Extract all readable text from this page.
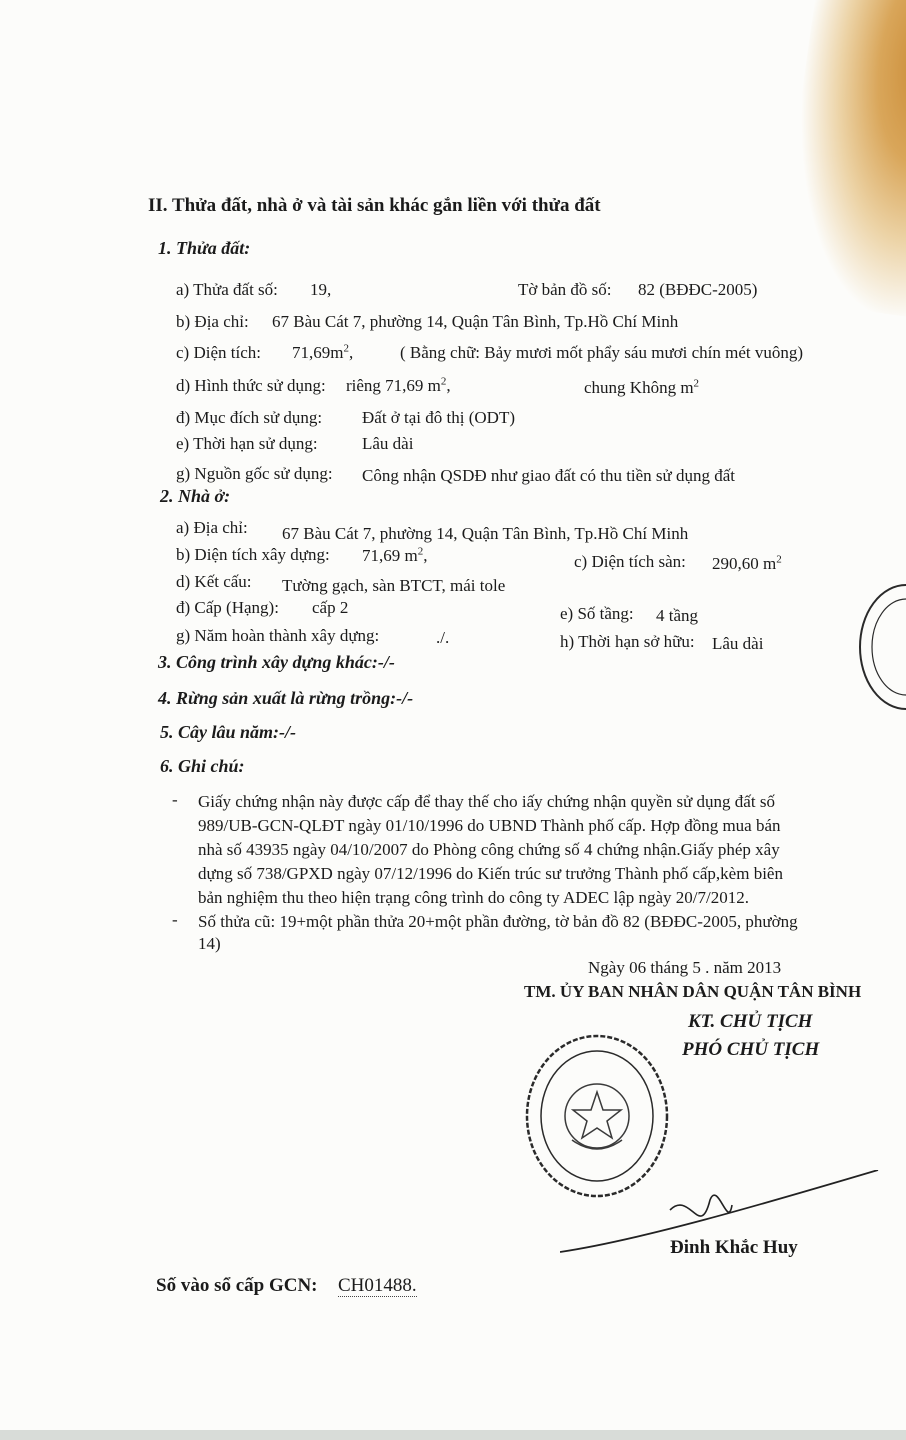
II. Thửa đất, nhà ở và tài sản khác gắn liền với thửa đất
1. Thửa đất:
a) Thửa đất số: 19,	Tờ bản đồ số: 82 (BĐĐC-2005)
b) Địa chỉ: 67 Bàu Cát 7, phường 14, Quận Tân Bình, Tp.Hồ Chí Minh
c) Diện tích: $71,69m^2$,	( Bằng chữ: Bảy mươi mốt phẩy sáu mươi chín mét vuông)
d) Hình thức sử dụng: riêng 71,69 $m^2$,	chung Không $m^2$
đ) Mục đích sử dụng: Đất ở tại đô thị (ODT)
e) Thời hạn sử dụng:	Lâu dài
g) Nguồn gốc sử dụng: Công nhận QSDĐ như giao đất có thu tiền sử dụng đất
2. Nhà ở:
a) Địa chỉ: 67 Bàu Cát 7, phường 14, Quận Tân Bình, Tp.Hồ Chí Minh
b) Diện tích xây dựng: 71,69 $m^2$,	c) Diện tích sàn: 290,60 $m^2$
d) Kết cấu: Tường gạch, sàn BTCT, mái tole
đ) Cấp (Hạng): cấp 2	e) Số tầng: 4 tầng
g) Năm hoàn thành xây dựng:	./.	h) Thời hạn sở hữu: Lâu dài
3. Công trình xây dựng khác:-/-
4. Rừng sản xuất là rừng trồng:-/-
5. Cây lâu năm:-/-
6. Ghi chú:
- Giấy chứng nhận này được cấp để thay thế cho iấy chứng nhận quyền sử dụng đất số
989/UB-GCN-QLĐT ngày 01/10/1996 do UBND Thành phố cấp. Hợp đồng mua bán
nhà số 43935 ngày 04/10/2007 do Phòng công chứng số 4 chứng nhận.Giấy phép xây
dựng số 738/GPXD ngày 07/12/1996 do Kiến trúc sư trưởng Thành phố cấp,kèm biên
bản nghiệm thu theo hiện trạng công trình do công ty ADEC lập ngày 20/7/2012.
- Số thửa cũ: 19+một phần thửa 20+một phần đường, tờ bản đồ 82 (BĐĐC-2005, phường
14)
Ngày 06 tháng 5 . năm 2013
TM. ỦY BAN NHÂN DÂN QUẬN TÂN BÌNH
KT. CHỦ TỊCH
PHÓ CHỦ TỊCH
Đinh Khắc Huy
Số vào sổ cấp GCN: CH01488.
